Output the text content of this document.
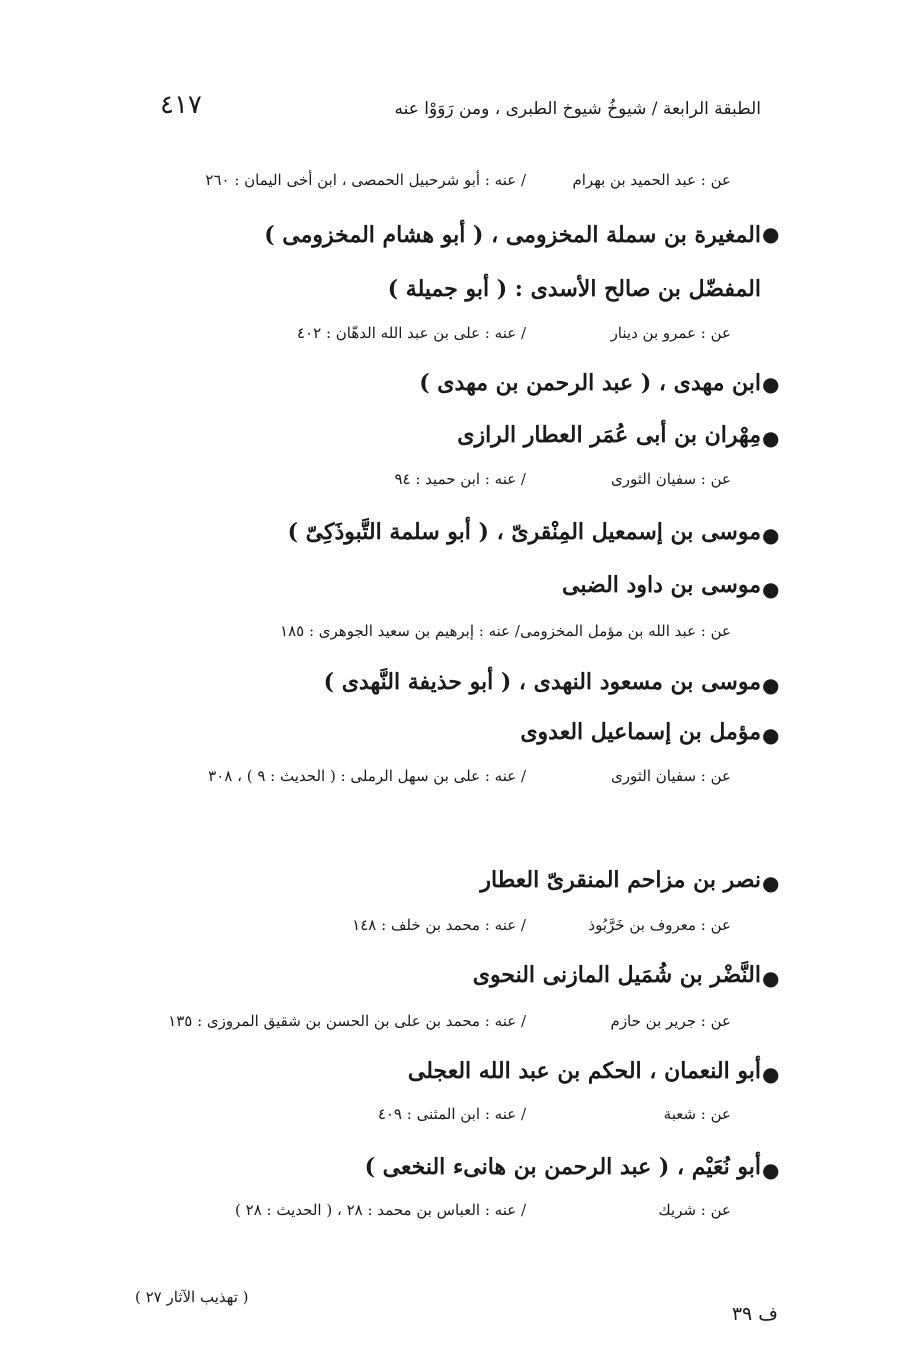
٤١٧	الطبقة الرابعة / شيوخُ شيوخ الطبرى ، ومن رَوَوْا عنه
عن : عبد الحميد بن بهرام
/ عنه : أبو شرحبيل الحمصى ، ابن أخى اليمان : ٢٦٠
●
المغيرة بن سملة المخزومى ، ( أبو هشام المخزومى )
المفضّل بن صالح الأسدى : ( أبو جميلة )
عن : عمرو بن دينار
/ عنه : على بن عبد الله الدهّان : ٤٠٢
●
ابن مهدى ، ( عبد الرحمن بن مهدى )
●
مِهْران بن أبى عُمَر العطار الرازى
عن : سفيان الثورى
/ عنه : ابن حميد : ٩٤
●
موسى بن إسمعيل المِنْقرىّ ، ( أبو سلمة التَّبوذَكِىّ )
●
موسى بن داود الضبى
عن : عبد الله بن مؤمل المخزومى/ عنه : إبرهيم بن سعيد الجوهرى : ١٨٥
●
موسى بن مسعود النهدى ، ( أبو حذيفة النَّهدى )
●
مؤمل بن إسماعيل العدوى
عن : سفيان الثورى
/ عنه : على بن سهل الرملى : ( الحديث : ٩ ) ، ٣٠٨
●
نصر بن مزاحم المنقرىّ العطار
عن : معروف بن خَرَّبُوذ
/ عنه : محمد بن خلف : ١٤٨
●
النَّضْر بن شُمَيل المازنى النحوى
عن : جرير بن حازم
/ عنه : محمد بن على بن الحسن بن شقيق المروزى : ١٣٥
●
أبو النعمان ، الحكم بن عبد الله العجلى
عن : شعبة
/ عنه : ابن المثنى : ٤٠٩
●
أبو نُعَيْم ، ( عبد الرحمن بن هانىء النخعى )
عن : شريك
/ عنه : العباس بن محمد : ٢٨ ، ( الحديث : ٢٨ )
( تهذيب الآثار ٢٧ )
ف ٣٩
